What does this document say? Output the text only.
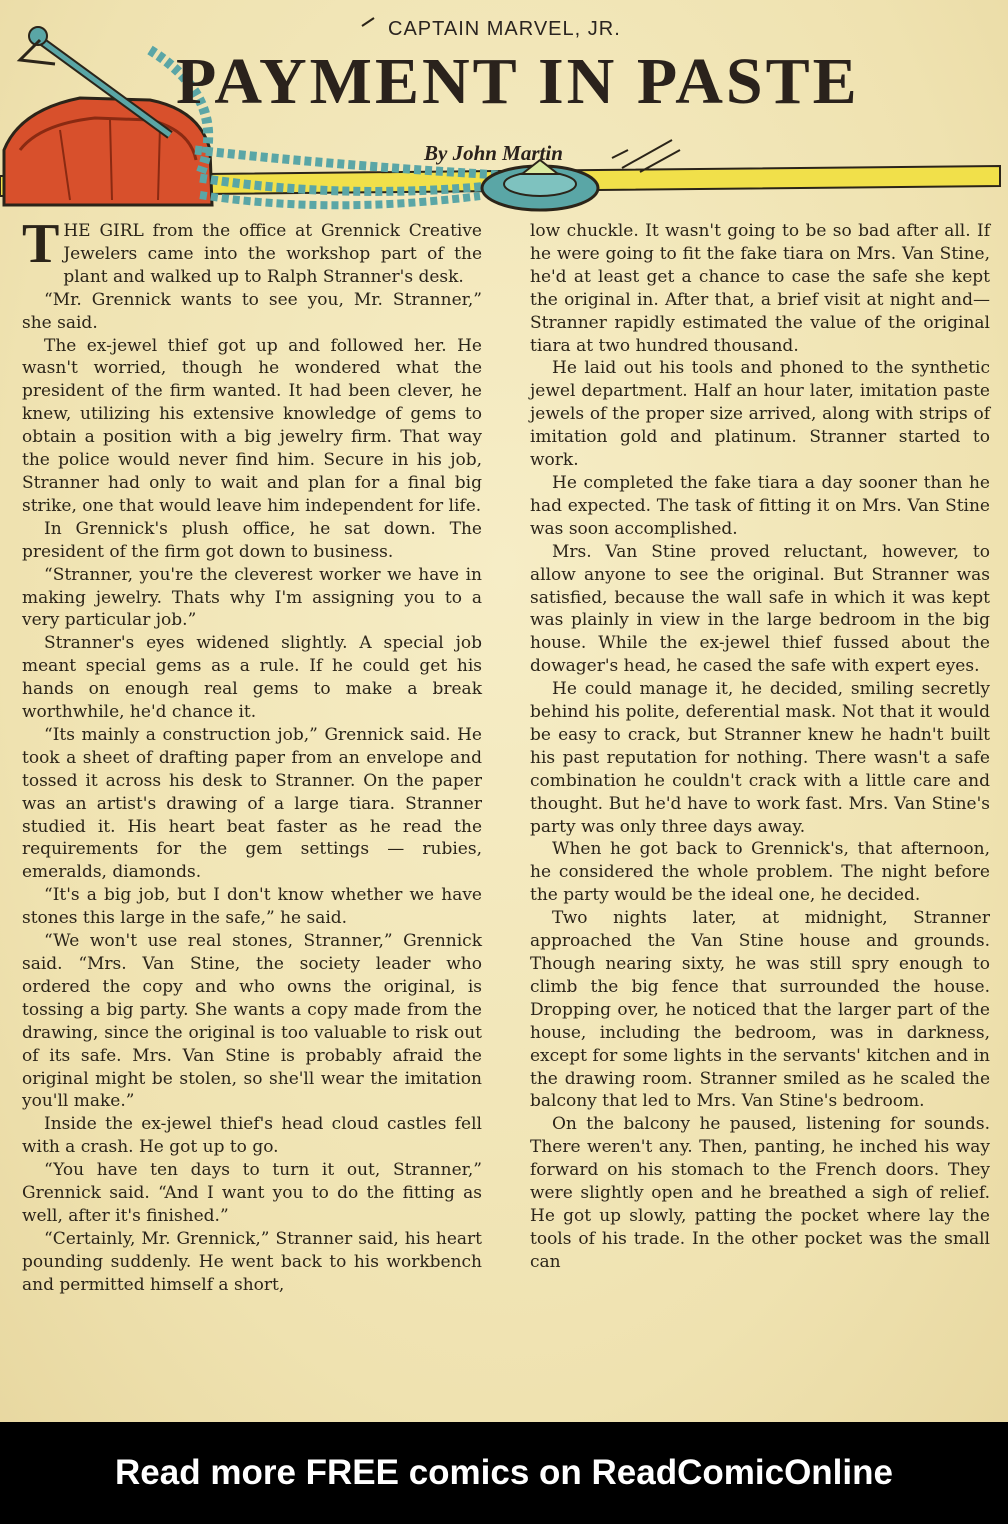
CAPTAIN MARVEL, JR.
PAYMENT IN PASTE
By John Martin

THE GIRL from the office at Grennick Creative Jewelers came into the workshop part of the plant and walked up to Ralph Stranner's desk.

“Mr. Grennick wants to see you, Mr. Stranner,” she said.

The ex-jewel thief got up and followed her. He wasn't worried, though he wondered what the president of the firm wanted. It had been clever, he knew, utilizing his extensive knowledge of gems to obtain a position with a big jewelry firm. That way the police would never find him. Secure in his job, Stranner had only to wait and plan for a final big strike, one that would leave him independent for life.

In Grennick's plush office, he sat down. The president of the firm got down to business.

“Stranner, you're the cleverest worker we have in making jewelry. Thats why I'm assigning you to a very particular job.”

Stranner's eyes widened slightly. A special job meant special gems as a rule. If he could get his hands on enough real gems to make a break worthwhile, he'd chance it.

“Its mainly a construction job,” Grennick said. He took a sheet of drafting paper from an envelope and tossed it across his desk to Stranner. On the paper was an artist's drawing of a large tiara. Stranner studied it. His heart beat faster as he read the requirements for the gem settings — rubies, emeralds, diamonds.

“It's a big job, but I don't know whether we have stones this large in the safe,” he said.

“We won't use real stones, Stranner,” Grennick said. “Mrs. Van Stine, the society leader who ordered the copy and who owns the original, is tossing a big party. She wants a copy made from the drawing, since the original is too valuable to risk out of its safe. Mrs. Van Stine is probably afraid the original might be stolen, so she'll wear the imitation you'll make.”

Inside the ex-jewel thief's head cloud castles fell with a crash. He got up to go.

“You have ten days to turn it out, Stranner,” Grennick said. “And I want you to do the fitting as well, after it's finished.”

“Certainly, Mr. Grennick,” Stranner said, his heart pounding suddenly. He went back to his workbench and permitted himself a short,

low chuckle. It wasn't going to be so bad after all. If he were going to fit the fake tiara on Mrs. Van Stine, he'd at least get a chance to case the safe she kept the original in. After that, a brief visit at night and—Stranner rapidly estimated the value of the original tiara at two hundred thousand.

He laid out his tools and phoned to the synthetic jewel department. Half an hour later, imitation paste jewels of the proper size arrived, along with strips of imitation gold and platinum. Stranner started to work.

He completed the fake tiara a day sooner than he had expected. The task of fitting it on Mrs. Van Stine was soon accomplished.

Mrs. Van Stine proved reluctant, however, to allow anyone to see the original. But Stranner was satisfied, because the wall safe in which it was kept was plainly in view in the large bedroom in the big house. While the ex-jewel thief fussed about the dowager's head, he cased the safe with expert eyes.

He could manage it, he decided, smiling secretly behind his polite, deferential mask. Not that it would be easy to crack, but Stranner knew he hadn't built his past reputation for nothing. There wasn't a safe combination he couldn't crack with a little care and thought. But he'd have to work fast. Mrs. Van Stine's party was only three days away.

When he got back to Grennick's, that afternoon, he considered the whole problem. The night before the party would be the ideal one, he decided.

Two nights later, at midnight, Stranner approached the Van Stine house and grounds. Though nearing sixty, he was still spry enough to climb the big fence that surrounded the house. Dropping over, he noticed that the larger part of the house, including the bedroom, was in darkness, except for some lights in the servants' kitchen and in the drawing room. Stranner smiled as he scaled the balcony that led to Mrs. Van Stine's bedroom.

On the balcony he paused, listening for sounds. There weren't any. Then, panting, he inched his way forward on his stomach to the French doors. They were slightly open and he breathed a sigh of relief. He got up slowly, patting the pocket where lay the tools of his trade. In the other pocket was the small can

Read more FREE comics on ReadComicOnline
